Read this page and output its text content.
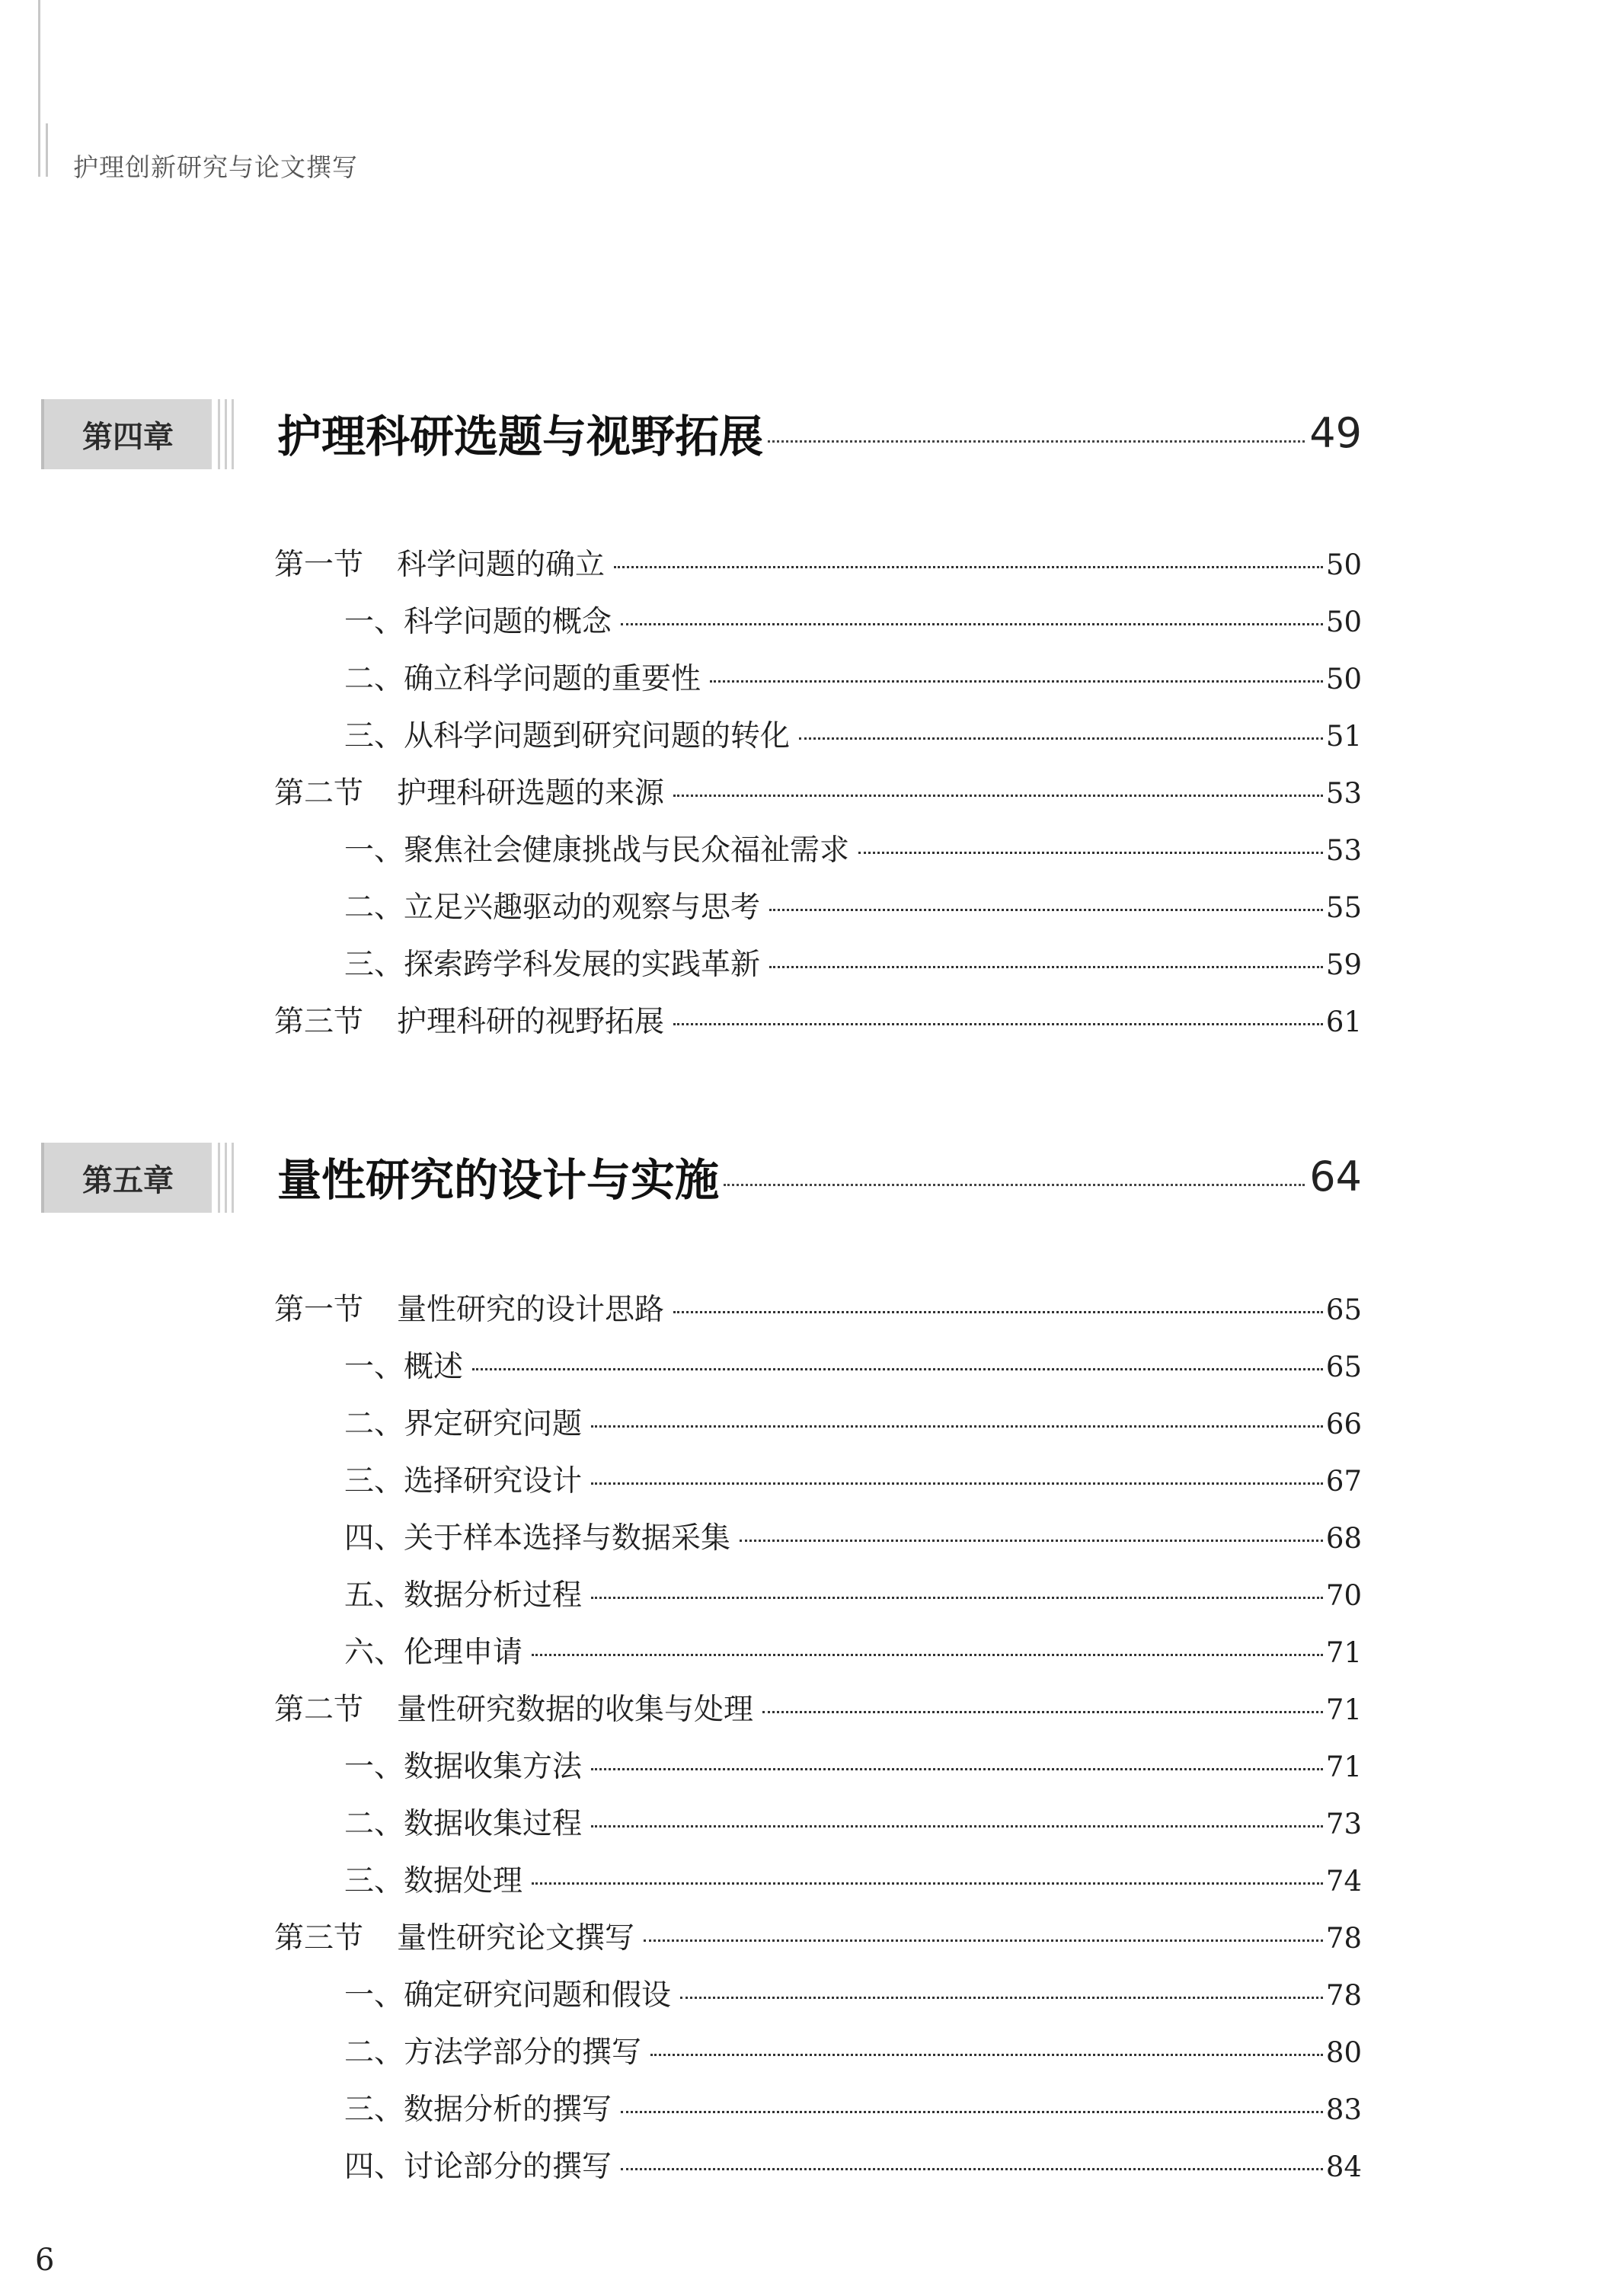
护理创新研究与论文撰写
第四章	护理科研选题与视野拓展	49
第一节 科学问题的确立	50
一、 科学问题的概念	50
二、 确立科学问题的重要性	50
三、 从科学问题到研究问题的转化	51
第二节 护理科研选题的来源	53
一、 聚焦社会健康挑战与民众福祉需求	53
二、 立足兴趣驱动的观察与思考	55
三、 探索跨学科发展的实践革新	59
第三节 护理科研的视野拓展	61
第五章	量性研究的设计与实施	64
第一节 量性研究的设计思路	65
一、 概述	65
二、 界定研究问题	66
三、 选择研究设计	67
四、 关于样本选择与数据采集	68
五、 数据分析过程	70
六、 伦理申请	71
第二节 量性研究数据的收集与处理	71
一、 数据收集方法	71
二、 数据收集过程	73
三、 数据处理	74
第三节 量性研究论文撰写	78
一、 确定研究问题和假设	78
二、 方法学部分的撰写	80
三、 数据分析的撰写	83
四、 讨论部分的撰写	84
6
